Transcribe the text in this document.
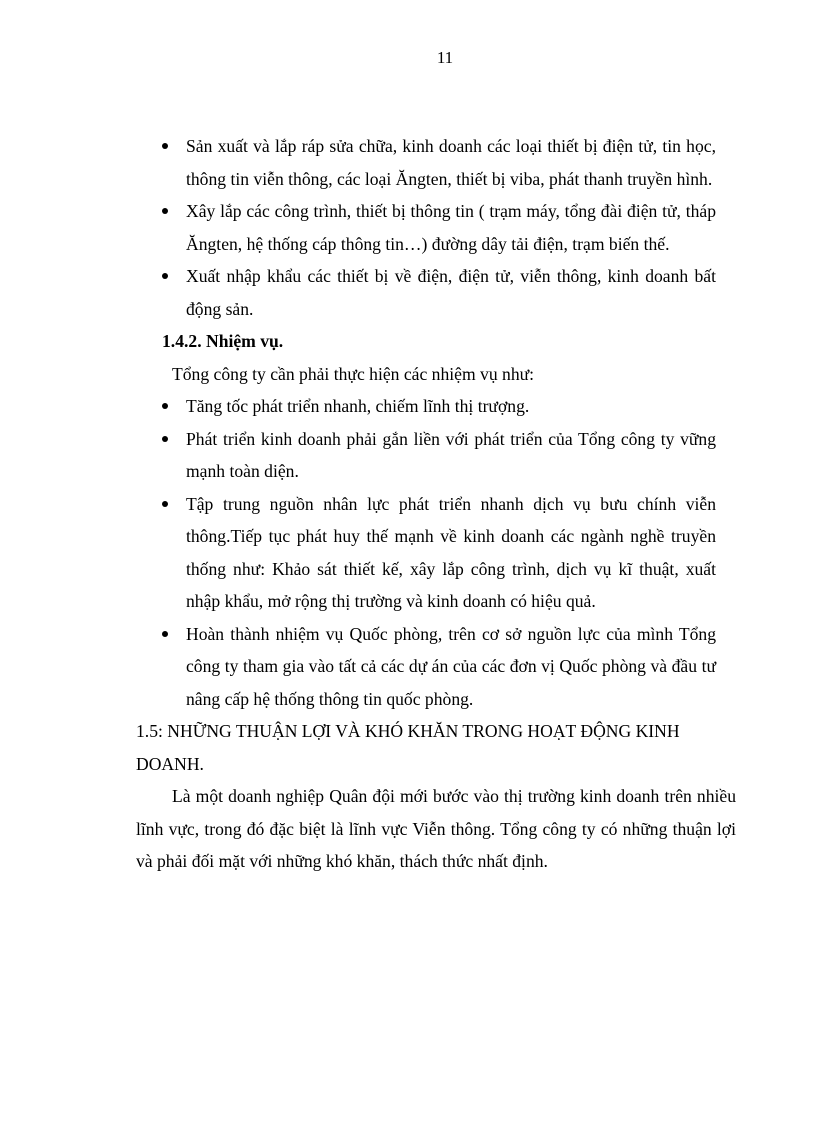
11
Sản xuất và lắp ráp sửa chữa, kinh doanh các loại thiết bị điện tử, tin học, thông tin viễn thông, các loại Ăngten, thiết bị viba, phát thanh truyền hình.
Xây lắp các công trình, thiết bị thông tin ( trạm máy, tổng đài điện tử, tháp Ăngten, hệ thống cáp thông tin…) đường dây tải điện, trạm biến thế.
Xuất nhập khẩu các thiết bị về điện, điện tử, viễn thông, kinh doanh bất động sản.
1.4.2. Nhiệm vụ.
Tổng công ty cần phải thực hiện các nhiệm vụ như:
Tăng tốc phát triển nhanh, chiếm lĩnh thị trượng.
Phát triển kinh doanh phải gắn liền với phát triển của Tổng công ty vững mạnh toàn diện.
Tập trung nguồn nhân lực phát triển nhanh dịch vụ bưu chính viễn thông.Tiếp tục phát huy thế mạnh về kinh doanh các ngành nghề truyền thống như: Khảo sát thiết kế, xây lắp công trình, dịch vụ kĩ thuật, xuất nhập khẩu, mở rộng thị trường và kinh doanh có hiệu quả.
Hoàn thành nhiệm vụ Quốc phòng, trên cơ sở nguồn lực của mình Tổng công ty tham gia vào tất cả các dự án của các đơn vị Quốc phòng và đầu tư nâng cấp hệ thống thông tin quốc phòng.
1.5: NHỮNG THUẬN LỢI VÀ KHÓ KHĂN TRONG HOẠT ĐỘNG KINH DOANH.
Là một doanh nghiệp Quân đội mới bước vào thị trường kinh doanh trên nhiều lĩnh vực, trong đó đặc biệt là lĩnh vực Viễn thông. Tổng công ty có những thuận lợi và phải đối mặt với những khó khăn, thách thức nhất định.
